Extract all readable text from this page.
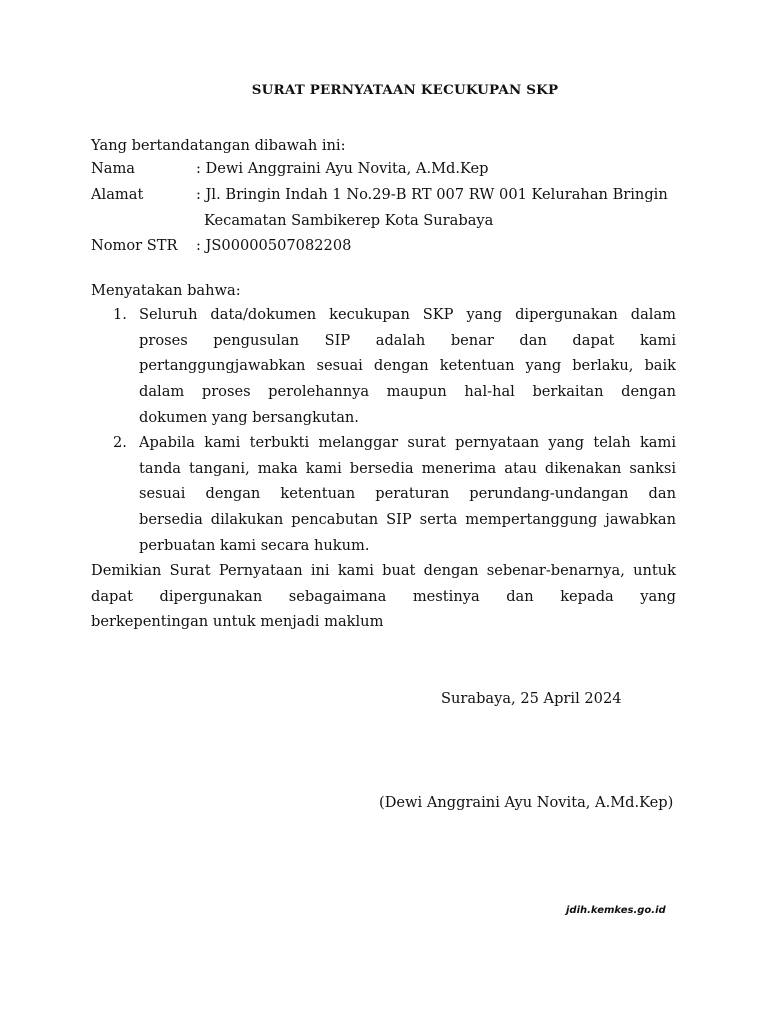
SURAT PERNYATAAN KECUKUPAN SKP
Yang bertandatangan dibawah ini:
Nama	: Dewi Anggraini Ayu Novita, A.Md.Kep
Alamat	: Jl. Bringin Indah 1 No.29-B RT 007 RW 001 Kelurahan Bringin
Kecamatan Sambikerep Kota Surabaya
Nomor STR : JS00000507082208
Menyatakan bahwa:
1. Seluruh data/dokumen kecukupan SKP yang dipergunakan dalam
proses pengusulan SIP adalah benar dan dapat kami
pertanggungjawabkan sesuai dengan ketentuan yang berlaku, baik
dalam proses perolehannya maupun hal-hal berkaitan dengan
dokumen yang bersangkutan.
2. Apabila kami terbukti melanggar surat pernyataan yang telah kami
tanda tangani, maka kami bersedia menerima atau dikenakan sanksi
sesuai dengan ketentuan peraturan perundang-undangan dan
bersedia dilakukan pencabutan SIP serta mempertanggung jawabkan
perbuatan kami secara hukum.
Demikian Surat Pernyataan ini kami buat dengan sebenar-benarnya, untuk
dapat dipergunakan sebagaimana mestinya dan kepada yang
berkepentingan untuk menjadi maklum
Surabaya, 25 April 2024
(Dewi Anggraini Ayu Novita, A.Md.Kep)
jdih.kemkes.go.id
